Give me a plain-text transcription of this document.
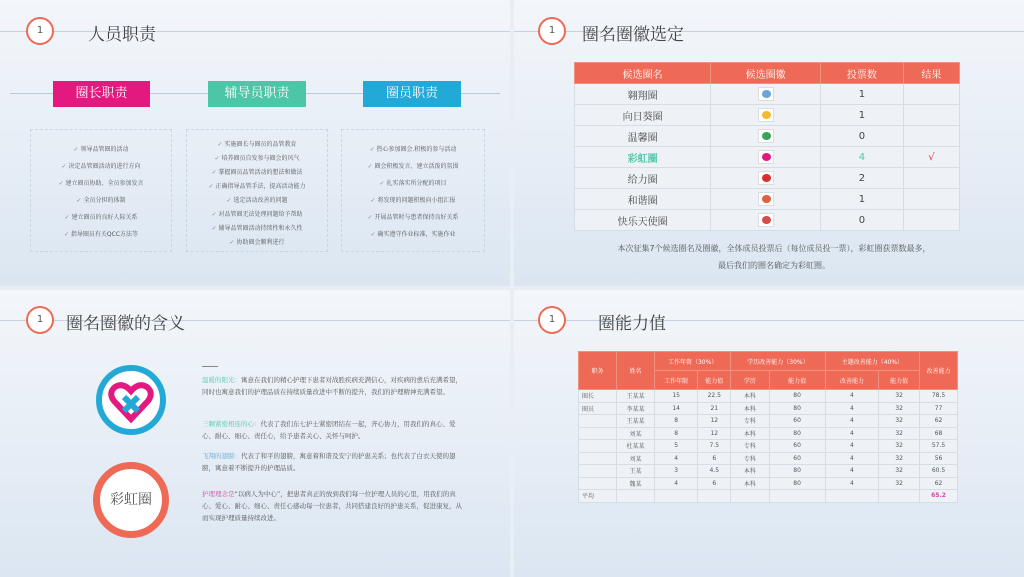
1	人员职责
圈长职责	辅导员职责	圈员职责
✓ 领导品管圈的活动
✓ 决定品管圈活动的进行方向
✓ 建立圈员协助、全员参加发言
✓ 全员分担的体制
✓ 建立圈员的良好人际关系
✓ 指导圈员有关QCC方法等
✓ 实施圈长与圈员的品管教育
✓ 培养圈员自发参与圈会的风气
✓ 掌握圈员品管活动的想法和做法
✓ 正确指导品管手法，提高活动能力
✓ 选定活动改善的问题
✓ 对品管圈无法处理问题给予帮助
✓ 辅导品管圈活动持续性和永久性
✓ 协助圈会顺利进行
✓ 热心参加圈会.积极的参与活动
✓ 圈会积极发言、建立活泼的氛围
✓ 扎实落实所分配的项目
✓ 将发现的问题积极向小组汇报
✓ 开展品管时与患者保持良好关系
✓ 确实遵守作业标准，实施作业
1	圈名圈徽选定
候选圈名	候选圈徽	投票数	结果
翱翔圈		1	
向日葵圈		1	
温馨圈		0	
彩虹圈		4	√
给力圈		2	
和谐圈		1	
快乐天使圈		0	
本次征集7个候选圈名及圈徽，全体成员投票后（每位成员投一票），彩虹圈获票数最多，
最后我们的圈名确定为彩虹圈。
1	圈名圈徽的含义
彩虹圈
温暖的阳光：寓意在我们的精心护理下患者对战胜疾病充满信心，对疾病的愈后充满希望，同时也寓意我们的护理品质在持续质量改进中不断的提升，我们的护理精神充满希望。
三颗紧密相连的心：代表了我们东七护士紧密团结在一起，齐心协力，用我们的真心、爱心、耐心、细心、责任心，给予患者关心、关怀与呵护。
飞翔的翅膀：代表了和平的翅膀，寓意着和谐及安宁的护患关系；也代表了白衣天使的翅膀，寓意着不断提升的护理品质。
护理理念是“以病人为中心”，把患者真正的放到我们每一位护理人员的心里，用我们的真心、爱心、耐心、细心、责任心感动每一位患者，共同搭建良好的护患关系，促进康复，从而实现护理质量持续改进。
1	圈能力值
职务	姓名	工作年资（30%）		学历改善能力（30%）		主题改善能力（40%）		改善能力
		工作年限	能力值	学历	能力值	改善能力	能力值	
圈长	王某某	15	22.5	本科	80	4	32	78.5
圈员	李某某	14	21	本科	80	4	32	77
	王某某	8	12	专科	60	4	32	62
	刘某	8	12	本科	80	4	32	68
	杜某某	5	7.5	专科	60	4	32	57.5
	刘某	4	6	专科	60	4	32	56
	王某	3	4.5	本科	80	4	32	60.5
	魏某	4	6	本科	80	4	32	62
平均								65.2
